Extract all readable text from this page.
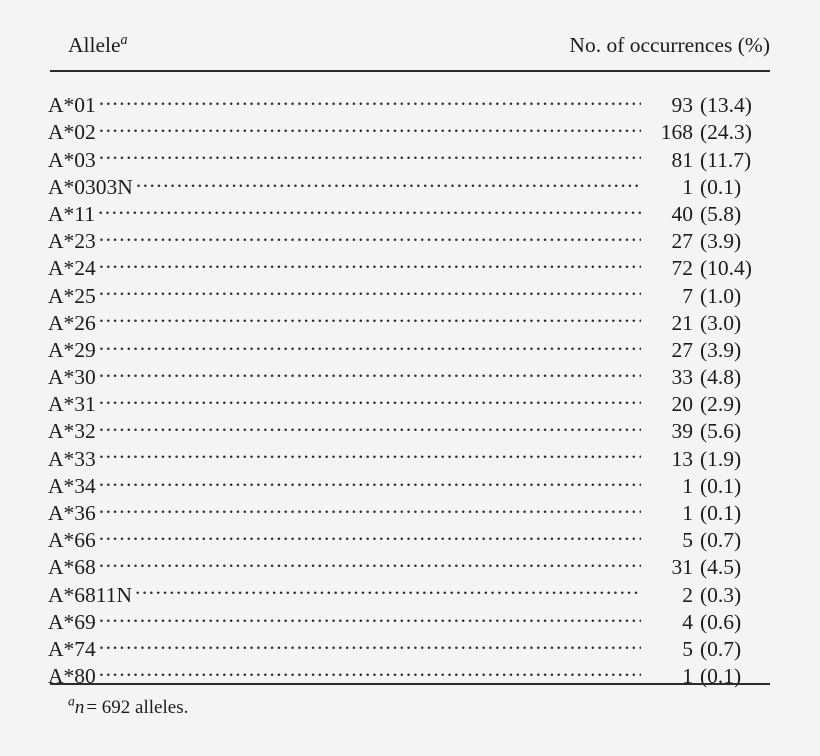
Allele$^a$	No. of occurrences (%)
A*01 .....	93 (13.4)
A*02 .....	168 (24.3)
A*03 .....	81 (11.7)
A*0303N .....	1 (0.1)
A*11 .....	40 (5.8)
A*23 .....	27 (3.9)
A*24 .....	72 (10.4)
A*25 .....	7 (1.0)
A*26 .....	21 (3.0)
A*29 .....	27 (3.9)
A*30 .....	33 (4.8)
A*31 .....	20 (2.9)
A*32 .....	39 (5.6)
A*33 .....	13 (1.9)
A*34 .....	1 (0.1)
A*36 .....	1 (0.1)
A*66 .....	5 (0.7)
A*68 .....	31 (4.5)
A*6811N .....	2 (0.3)
A*69 .....	4 (0.6)
A*74 .....	5 (0.7)
A*80 .....	1 (0.1)
$^a$n = 692 alleles.
